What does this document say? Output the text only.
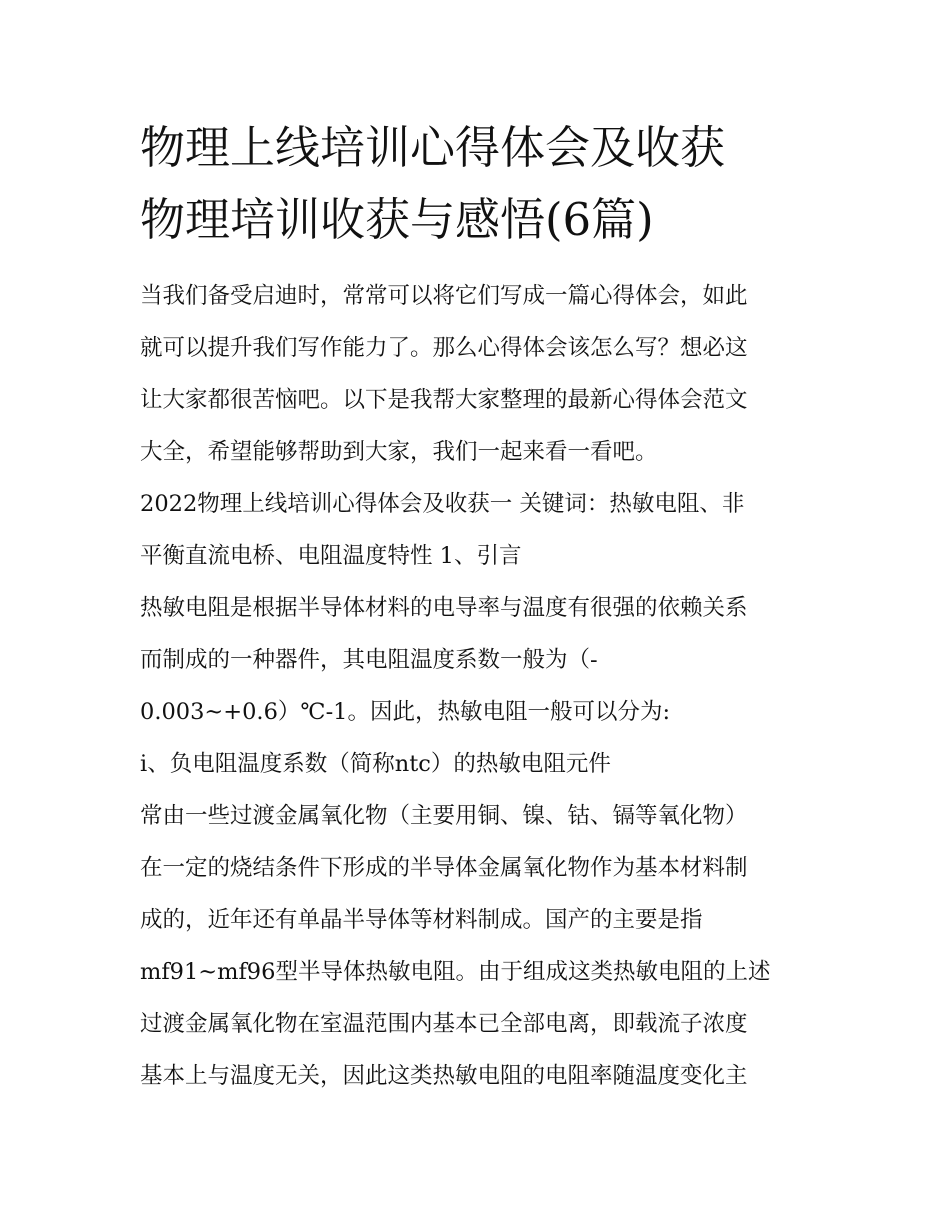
物理上线培训心得体会及收获
物理培训收获与感悟(6篇)
当我们备受启迪时，常常可以将它们写成一篇心得体会，如此
就可以提升我们写作能力了。那么心得体会该怎么写？想必这
让大家都很苦恼吧。以下是我帮大家整理的最新心得体会范文
大全，希望能够帮助到大家，我们一起来看一看吧。
2022物理上线培训心得体会及收获一 关键词：热敏电阻、非
平衡直流电桥、电阻温度特性 1、引言
热敏电阻是根据半导体材料的电导率与温度有很强的依赖关系
而制成的一种器件，其电阻温度系数一般为（-
0.003~+0.6）℃-1。因此，热敏电阻一般可以分为:
ⅰ、负电阻温度系数（简称ntc）的热敏电阻元件
常由一些过渡金属氧化物（主要用铜、镍、钴、镉等氧化物）
在一定的烧结条件下形成的半导体金属氧化物作为基本材料制
成的，近年还有单晶半导体等材料制成。国产的主要是指
mf91~mf96型半导体热敏电阻。由于组成这类热敏电阻的上述
过渡金属氧化物在室温范围内基本已全部电离，即载流子浓度
基本上与温度无关，因此这类热敏电阻的电阻率随温度变化主
